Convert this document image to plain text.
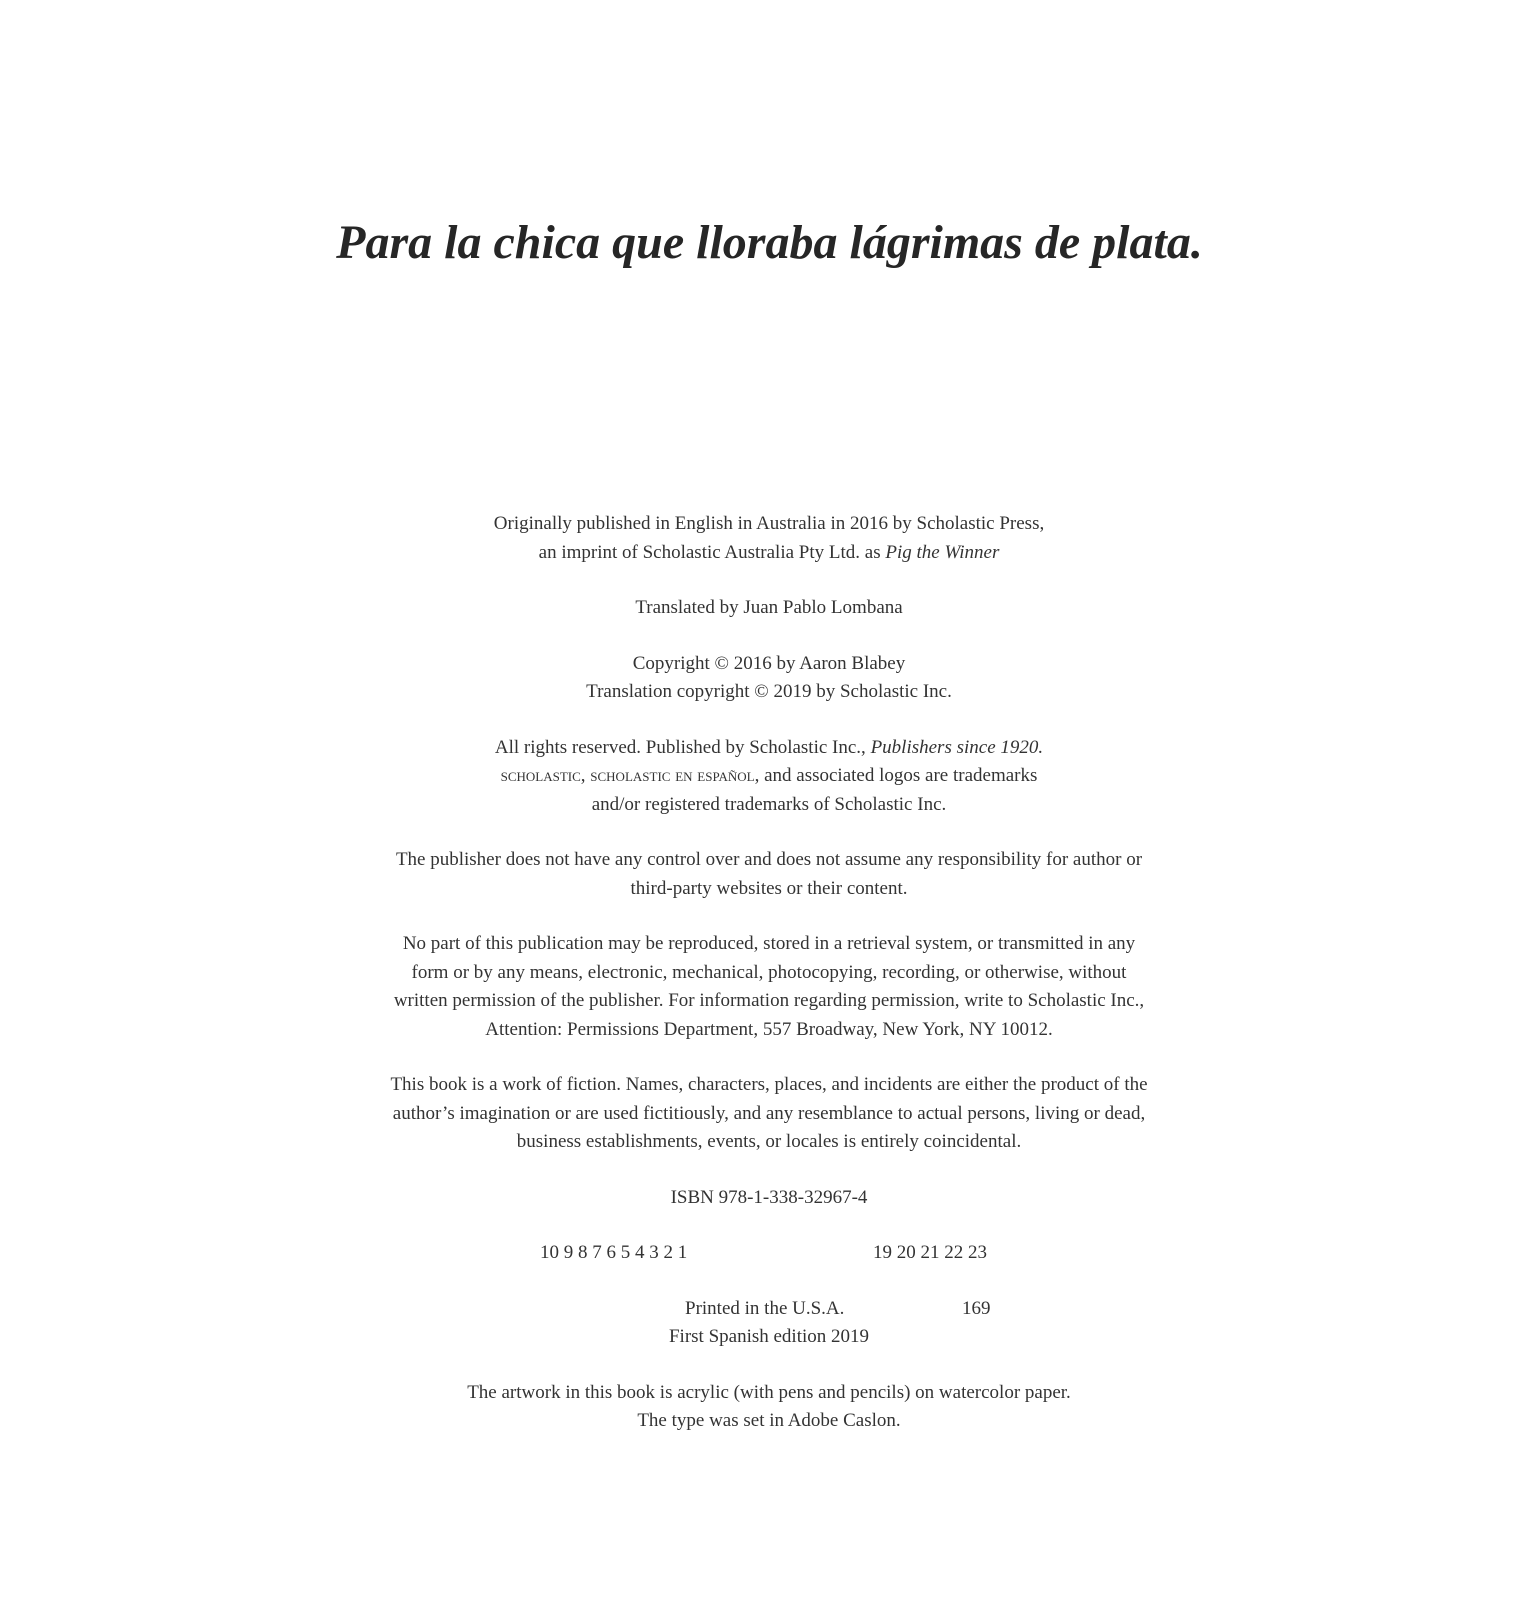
Para la chica que lloraba lágrimas de plata.

Originally published in English in Australia in 2016 by Scholastic Press,
an imprint of Scholastic Australia Pty Ltd. as Pig the Winner

Translated by Juan Pablo Lombana

Copyright © 2016 by Aaron Blabey
Translation copyright © 2019 by Scholastic Inc.

All rights reserved. Published by Scholastic Inc., Publishers since 1920.
scholastic, scholastic en español, and associated logos are trademarks
and/or registered trademarks of Scholastic Inc.

The publisher does not have any control over and does not assume any responsibility for author or
third-party websites or their content.

No part of this publication may be reproduced, stored in a retrieval system, or transmitted in any
form or by any means, electronic, mechanical, photocopying, recording, or otherwise, without
written permission of the publisher. For information regarding permission, write to Scholastic Inc.,
Attention: Permissions Department, 557 Broadway, New York, NY 10012.

This book is a work of fiction. Names, characters, places, and incidents are either the product of the
author’s imagination or are used fictitiously, and any resemblance to actual persons, living or dead,
business establishments, events, or locales is entirely coincidental.

ISBN 978-1-338-32967-4

10 9 8 7 6 5 4 3 2 1	19 20 21 22 23
Printed in the U.S.A.	169
First Spanish edition 2019

The artwork in this book is acrylic (with pens and pencils) on watercolor paper.
The type was set in Adobe Caslon.
